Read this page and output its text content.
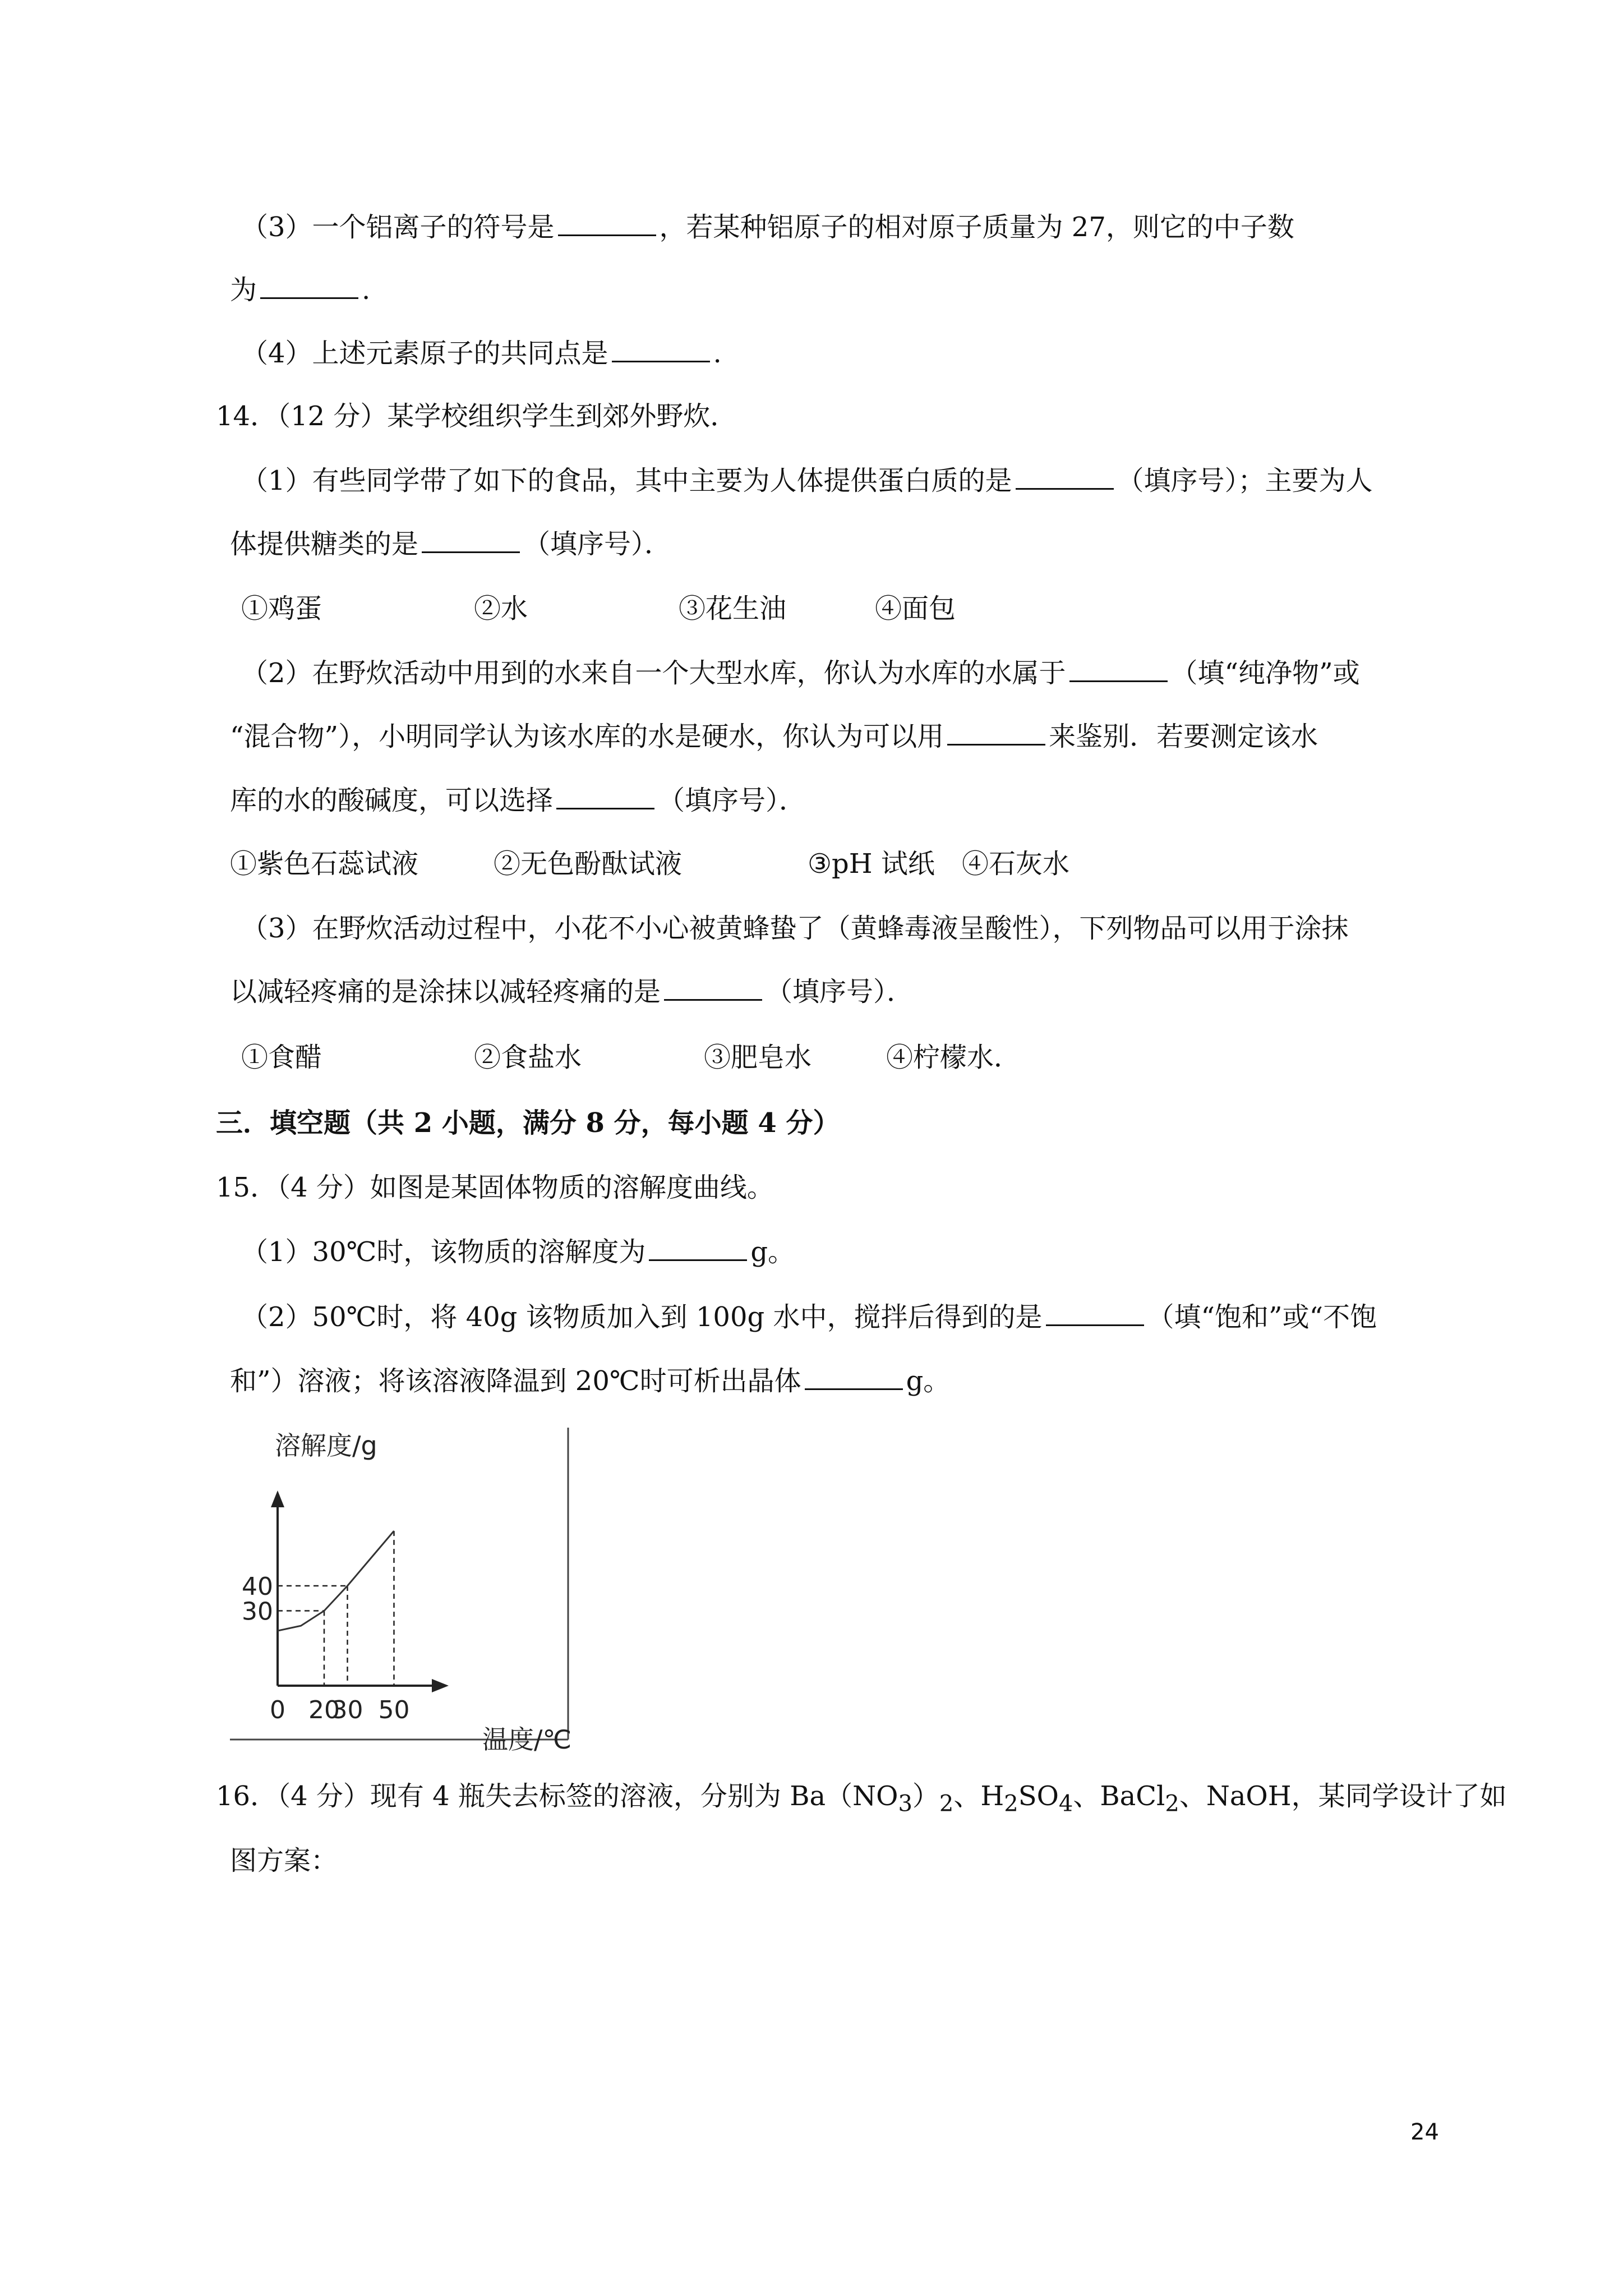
（3）一个铝离子的符号是	，若某种铝原子的相对原子质量为 27，则它的中子数
为	.
（4）上述元素原子的共同点是	.
14．（12 分）某学校组织学生到郊外野炊．
（1）有些同学带了如下的食品，其中主要为人体提供蛋白质的是	（填序号）；主要为人
体提供糖类的是	（填序号）．
①鸡蛋	②水	③花生油	④面包
（2）在野炊活动中用到的水来自一个大型水库，你认为水库的水属于	（填“纯净物”或
“混合物”），小明同学认为该水库的水是硬水，你认为可以用	来鉴别．若要测定该水
库的水的酸碱度，可以选择	（填序号）．
①紫色石蕊试液	②无色酚酞试液	③pH 试纸 ④石灰水
（3）在野炊活动过程中，小花不小心被黄蜂蛰了（黄蜂毒液呈酸性），下列物品可以用于涂抹
以减轻疼痛的是涂抹以减轻疼痛的是	（填序号）．
①食醋	②食盐水	③肥皂水	④柠檬水．
三．填空题（共 2 小题，满分 8 分，每小题 4 分）
15．（4 分）如图是某固体物质的溶解度曲线。
（1）30℃时，该物质的溶解度为	g。
（2）50℃时，将 40g 该物质加入到 100g 水中，搅拌后得到的是	（填“饱和”或“不饱
和”）溶液；将该溶液降温到 20℃时可析出晶体	g。
溶解度/g
温度/℃
0 20
30 50
30
40
16．（4 分）现有 4 瓶失去标签的溶液，分别为 $Ba(NO_3)_2$、$H_2SO_4$、BaCl$_2$、NaOH，某同学设计了如
图方案：
24
